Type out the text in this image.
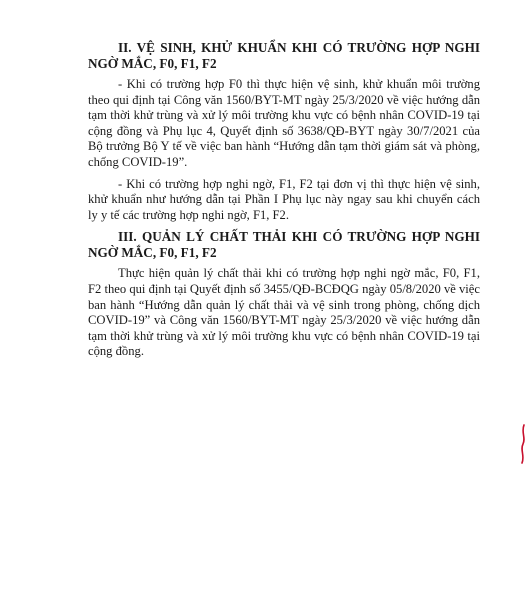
II. VỆ SINH, KHỬ KHUẨN KHI CÓ TRƯỜNG HỢP NGHI NGỜ MẮC, F0, F1, F2

- Khi có trường hợp F0 thì thực hiện vệ sinh, khử khuẩn môi trường theo qui định tại Công văn 1560/BYT-MT ngày 25/3/2020 về việc hướng dẫn tạm thời khử trùng và xử lý môi trường khu vực có bệnh nhân COVID-19 tại cộng đồng và Phụ lục 4, Quyết định số 3638/QĐ-BYT ngày 30/7/2021 của Bộ trưởng Bộ Y tế về việc ban hành “Hướng dẫn tạm thời giám sát và phòng, chống COVID-19”.

- Khi có trường hợp nghi ngờ, F1, F2 tại đơn vị thì thực hiện vệ sinh, khử khuẩn như hướng dẫn tại Phần I Phụ lục này ngay sau khi chuyển cách ly y tế các trường hợp nghi ngờ, F1, F2.

III. QUẢN LÝ CHẤT THẢI KHI CÓ TRƯỜNG HỢP NGHI NGỜ MẮC, F0, F1, F2

Thực hiện quản lý chất thải khi có trường hợp nghi ngờ mắc, F0, F1, F2 theo qui định tại Quyết định số 3455/QĐ-BCĐQG ngày 05/8/2020 về việc ban hành “Hướng dẫn quản lý chất thải và vệ sinh trong phòng, chống dịch COVID-19” và Công văn 1560/BYT-MT ngày 25/3/2020 về việc hướng dẫn tạm thời khử trùng và xử lý môi trường khu vực có bệnh nhân COVID-19 tại cộng đồng.
